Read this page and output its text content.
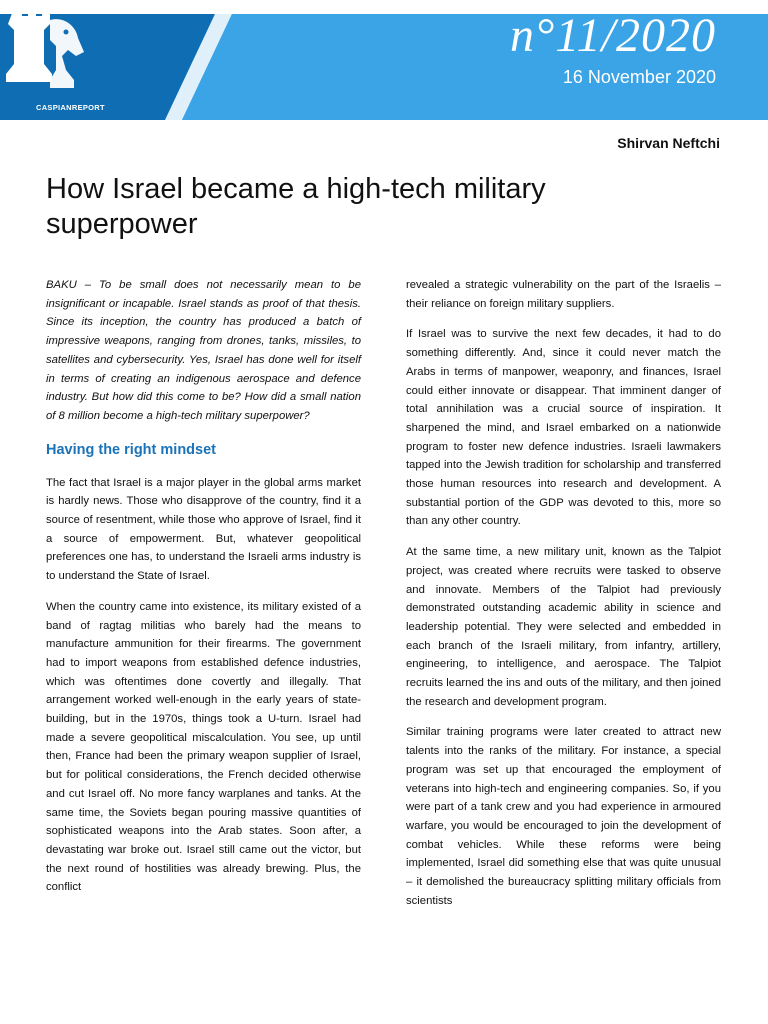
CASPIANREPORT
n°11/2020
16 November 2020
Shirvan Neftchi
How Israel became a high-tech military superpower

BAKU – To be small does not necessarily mean to be insignificant or incapable. Israel stands as proof of that thesis. Since its inception, the country has produced a batch of impressive weapons, ranging from drones, tanks, missiles, to satellites and cybersecurity. Yes, Israel has done well for itself in terms of creating an indigenous aerospace and defence industry. But how did this come to be? How did a small nation of 8 million become a high-tech military superpower?

Having the right mindset

The fact that Israel is a major player in the global arms market is hardly news. Those who disapprove of the country, find it a source of resentment, while those who approve of Israel, find it a source of empowerment. But, whatever geopolitical preferences one has, to understand the Israeli arms industry is to understand the State of Israel.

When the country came into existence, its military existed of a band of ragtag militias who barely had the means to manufacture ammunition for their firearms. The government had to import weapons from established defence industries, which was oftentimes done covertly and illegally. That arrangement worked well-enough in the early years of state-building, but in the 1970s, things took a U-turn. Israel had made a severe geopolitical miscalculation. You see, up until then, France had been the primary weapon supplier of Israel, but for political considerations, the French decided otherwise and cut Israel off. No more fancy warplanes and tanks. At the same time, the Soviets began pouring massive quantities of sophisticated weapons into the Arab states. Soon after, a devastating war broke out. Israel still came out the victor, but the next round of hostilities was already brewing. Plus, the conflict

revealed a strategic vulnerability on the part of the Israelis – their reliance on foreign military suppliers.

If Israel was to survive the next few decades, it had to do something differently. And, since it could never match the Arabs in terms of manpower, weaponry, and finances, Israel could either innovate or disappear. That imminent danger of total annihilation was a crucial source of inspiration. It sharpened the mind, and Israel embarked on a nationwide program to foster new defence industries. Israeli lawmakers tapped into the Jewish tradition for scholarship and transferred those human resources into research and development. A substantial portion of the GDP was devoted to this, more so than any other country.

At the same time, a new military unit, known as the Talpiot project, was created where recruits were tasked to observe and innovate. Members of the Talpiot had previously demonstrated outstanding academic ability in science and leadership potential. They were selected and embedded in each branch of the Israeli military, from infantry, artillery, engineering, to intelligence, and aerospace. The Talpiot recruits learned the ins and outs of the military, and then joined the research and development program.

Similar training programs were later created to attract new talents into the ranks of the military. For instance, a special program was set up that encouraged the employment of veterans into high-tech and engineering companies. So, if you were part of a tank crew and you had experience in armoured warfare, you would be encouraged to join the development of combat vehicles. While these reforms were being implemented, Israel did something else that was quite unusual – it demolished the bureaucracy splitting military officials from scientists
